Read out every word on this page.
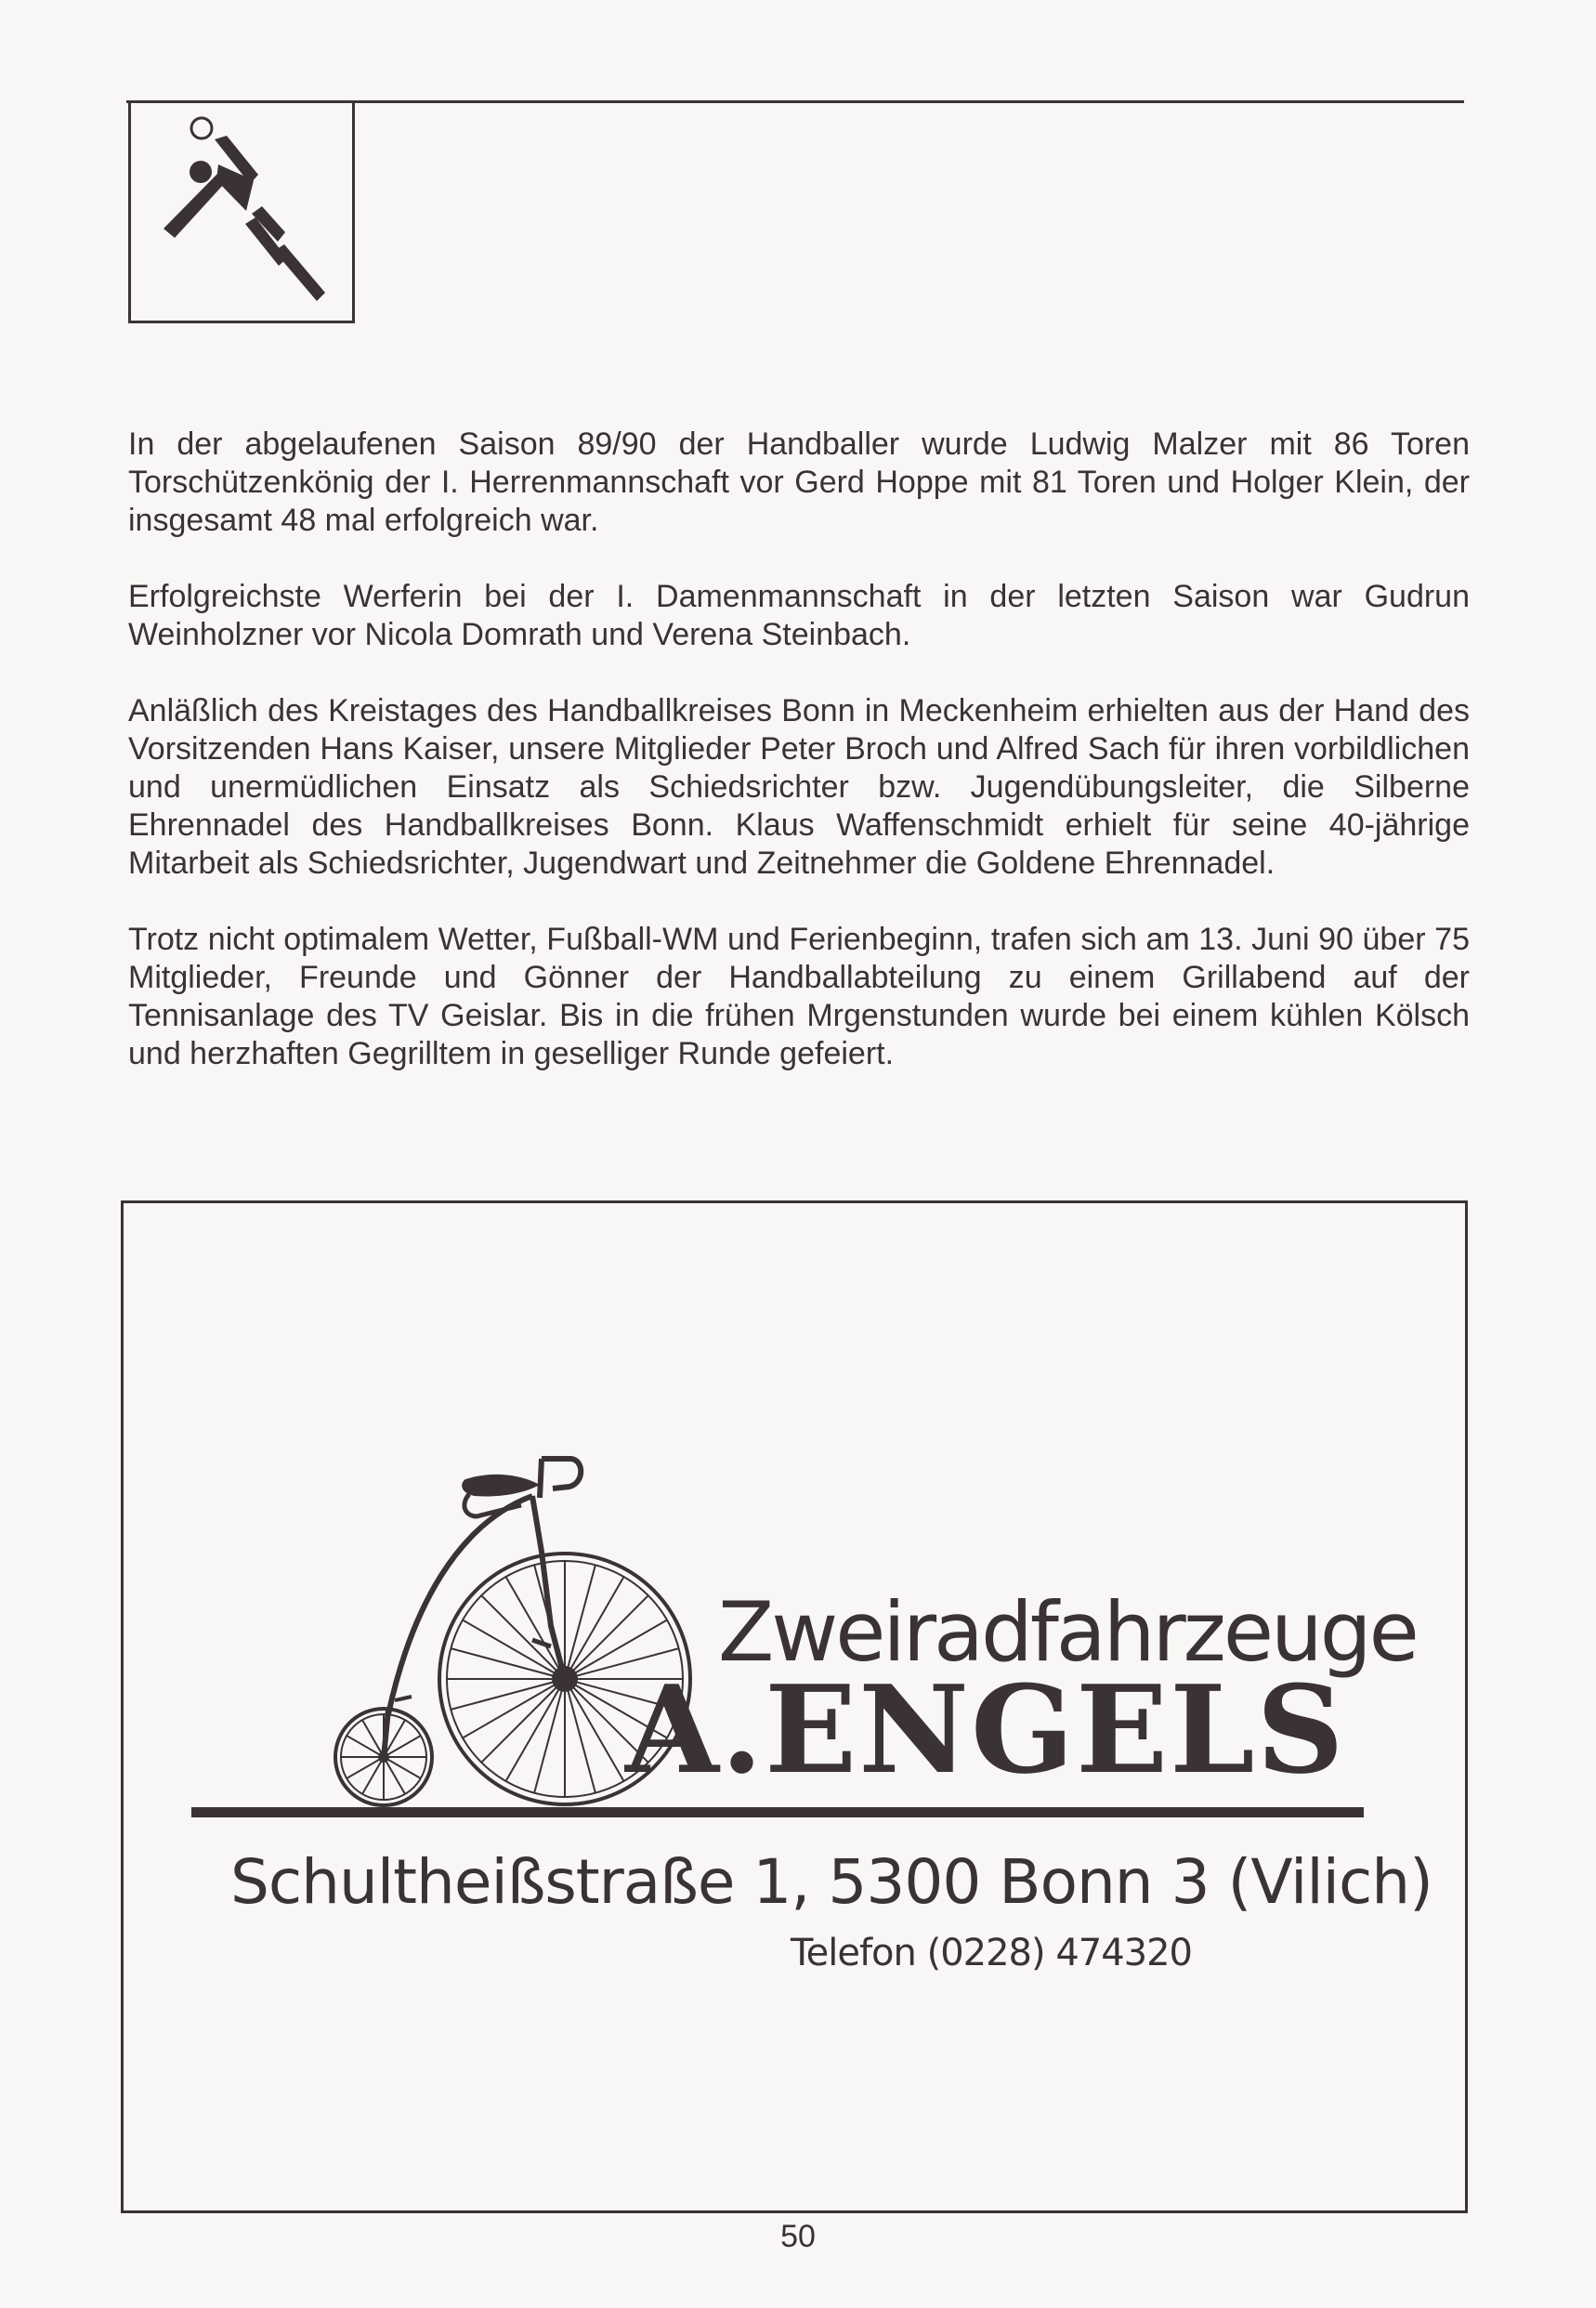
In der abgelaufenen Saison 89/90 der Handballer wurde Ludwig Malzer mit 86 Toren Torschützenkönig der I. Herrenmannschaft vor Gerd Hoppe mit 81 Toren und Holger Klein, der insgesamt 48 mal erfolgreich war.

Erfolgreichste Werferin bei der I. Damenmannschaft in der letzten Saison war Gudrun Weinholzner vor Nicola Domrath und Verena Steinbach.

Anläßlich des Kreistages des Handballkreises Bonn in Meckenheim erhielten aus der Hand des Vorsitzenden Hans Kaiser, unsere Mitglieder Peter Broch und Alfred Sach für ihren vorbildlichen und unermüdlichen Einsatz als Schiedsrichter bzw. Jugendübungsleiter, die Silberne Ehrennadel des Handballkreises Bonn. Klaus Waffenschmidt erhielt für seine 40-jährige Mitarbeit als Schiedsrichter, Jugendwart und Zeitnehmer die Goldene Ehrennadel.

Trotz nicht optimalem Wetter, Fußball-WM und Ferienbeginn, trafen sich am 13. Juni 90 über 75 Mitglieder, Freunde und Gönner der Handballabteilung zu einem Grillabend auf der Tennisanlage des TV Geislar. Bis in die frühen Mrgenstunden wurde bei einem kühlen Kölsch und herzhaften Gegrilltem in geselliger Runde gefeiert.

Zweiradfahrzeuge
A.ENGELS
Schultheißstraße 1, 5300 Bonn 3 (Vilich)
Telefon (0228) 474320
50
